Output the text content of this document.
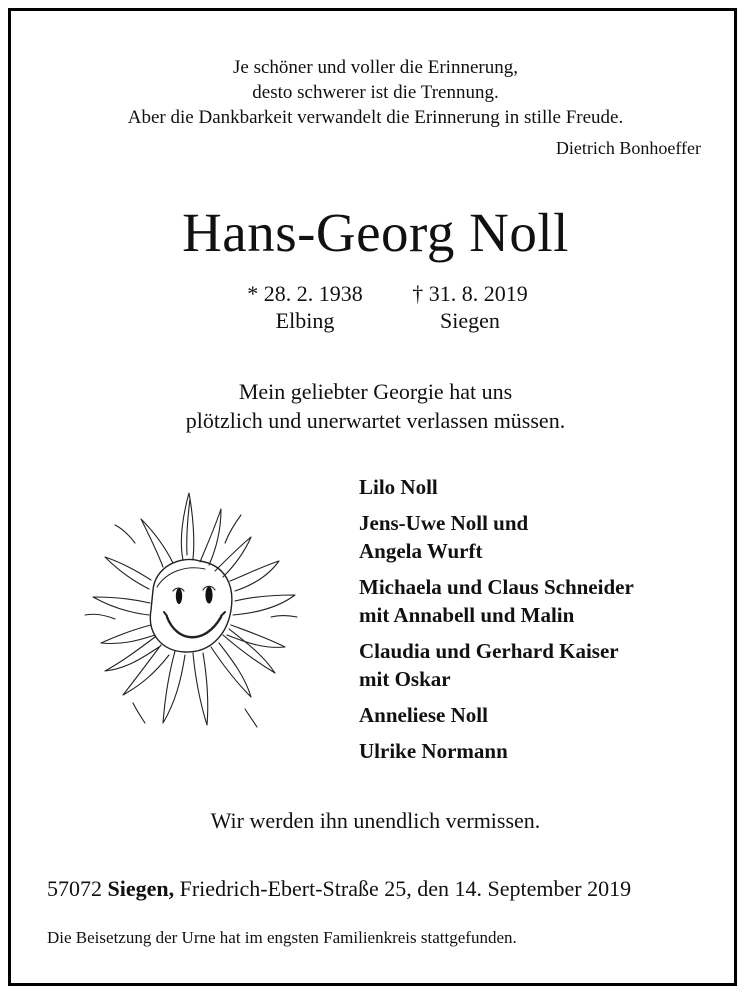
Je schöner und voller die Erinnerung,
desto schwerer ist die Trennung.
Aber die Dankbarkeit verwandelt die Erinnerung in stille Freude.
Dietrich Bonhoeffer
Hans-Georg Noll
* 28. 2. 1938
Elbing
† 31. 8. 2019
Siegen
Mein geliebter Georgie hat uns
plötzlich und unerwartet verlassen müssen.
Lilo Noll
Jens-Uwe Noll und
Angela Wurft
Michaela und Claus Schneider
mit Annabell und Malin
Claudia und Gerhard Kaiser
mit Oskar
Anneliese Noll
Ulrike Normann
Wir werden ihn unendlich vermissen.
57072 Siegen, Friedrich-Ebert-Straße 25, den 14. September 2019
Die Beisetzung der Urne hat im engsten Familienkreis stattgefunden.
